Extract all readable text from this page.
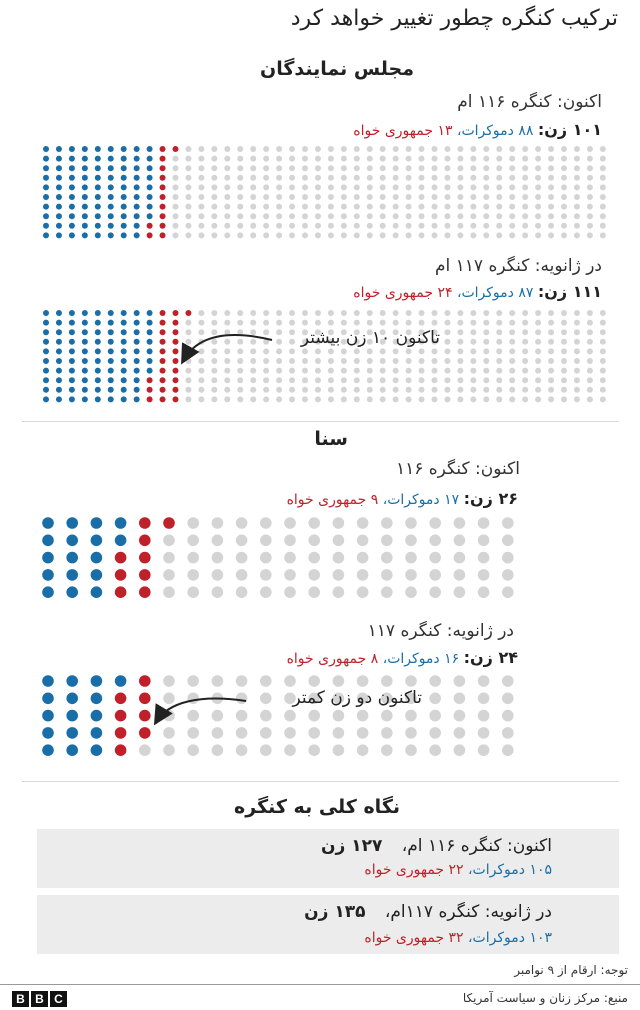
ترکیب کنگره چطور تغییر خواهد کرد
مجلس نمایندگان
اکنون: کنگره ۱۱۶ ام
۱۰۱ زن: ۸۸ دموکرات، ۱۳ جمهوری خواه
در ژانویه: کنگره ۱۱۷ ام
۱۱۱ زن: ۸۷ دموکرات، ۲۴ جمهوری خواه
سنا
اکنون: کنگره ۱۱۶
۲۶ زن: ۱۷ دموکرات، ۹ جمهوری خواه
در ژانویه: کنگره ۱۱۷
۲۴ زن: ۱۶ دموکرات، ۸ جمهوری خواه
تاکنون ۱۰ زن بیشتر
تاکنون دو زن کمتر
نگاه کلی به کنگره
اکنون: کنگره ۱۱۶ ام، ۱۲۷ زن
۱۰۵ دموکرات، ۲۲ جمهوری خواه
در ژانویه: کنگره ۱۱۷ام، ۱۳۵ زن
۱۰۳ دموکرات، ۳۲ جمهوری خواه
توجه: ارقام از ۹ نوامبر
منبع: مرکز زنان و سیاست آمریکا
B B C
